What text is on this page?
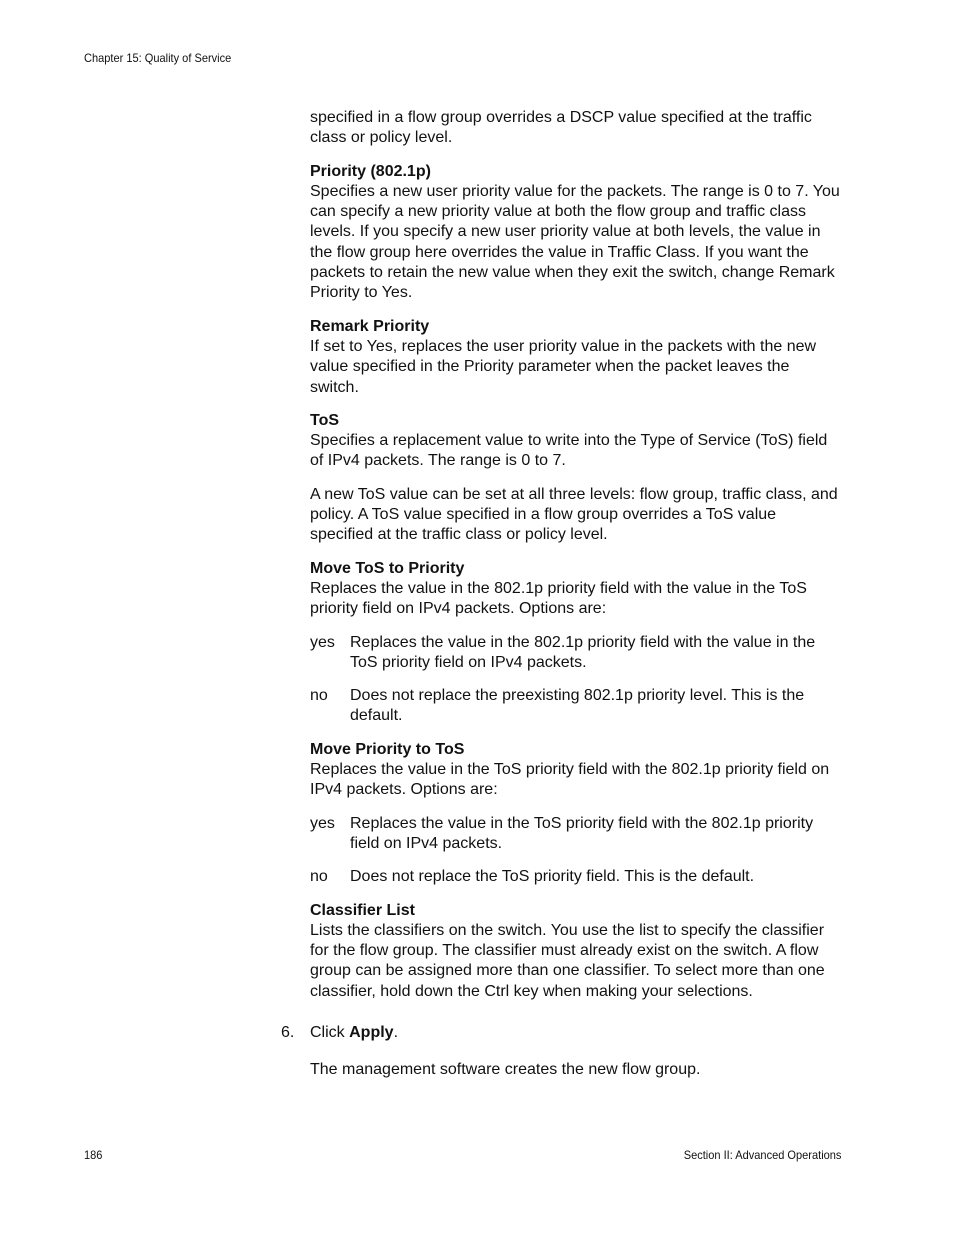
Chapter 15: Quality of Service

specified in a flow group overrides a DSCP value specified at the traffic class or policy level.

Priority (802.1p)
Specifies a new user priority value for the packets. The range is 0 to 7. You can specify a new priority value at both the flow group and traffic class levels. If you specify a new user priority value at both levels, the value in the flow group here overrides the value in Traffic Class. If you want the packets to retain the new value when they exit the switch, change Remark Priority to Yes.
Remark Priority
If set to Yes, replaces the user priority value in the packets with the new value specified in the Priority parameter when the packet leaves the switch.
ToS
Specifies a replacement value to write into the Type of Service (ToS) field of IPv4 packets. The range is 0 to 7.

A new ToS value can be set at all three levels: flow group, traffic class, and policy. A ToS value specified in a flow group overrides a ToS value specified at the traffic class or policy level.

Move ToS to Priority
Replaces the value in the 802.1p priority field with the value in the ToS priority field on IPv4 packets. Options are:
yes Replaces the value in the 802.1p priority field with the value in the ToS priority field on IPv4 packets.
no Does not replace the preexisting 802.1p priority level. This is the default.
Move Priority to ToS
Replaces the value in the ToS priority field with the 802.1p priority field on IPv4 packets. Options are:
yes Replaces the value in the ToS priority field with the 802.1p priority field on IPv4 packets.
no Does not replace the ToS priority field. This is the default.
Classifier List
Lists the classifiers on the switch. You use the list to specify the classifier for the flow group. The classifier must already exist on the switch. A flow group can be assigned more than one classifier. To select more than one classifier, hold down the Ctrl key when making your selections.
6. Click Apply.

The management software creates the new flow group.

186	Section II: Advanced Operations
